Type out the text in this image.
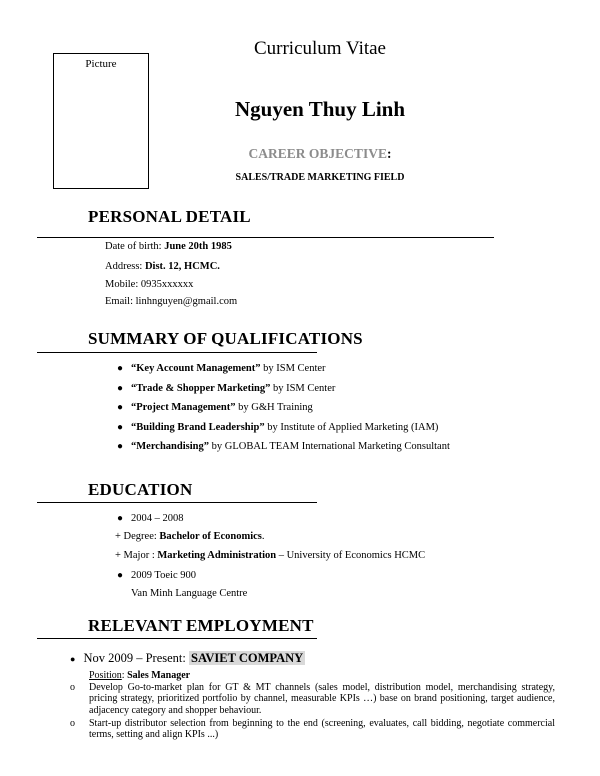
Picture
Curriculum Vitae
Nguyen Thuy Linh
CAREER OBJECTIVE:
SALES/TRADE MARKETING FIELD
PERSONAL DETAIL
Date of birth: June 20th 1985
Address: Dist. 12, HCMC.
Mobile: 0935xxxxxx
Email: linhnguyen@gmail.com
SUMMARY OF QUALIFICATIONS
● “Key Account Management” by ISM Center
● “Trade & Shopper Marketing” by ISM Center
● “Project Management” by G&H Training
● “Building Brand Leadership” by Institute of Applied Marketing (IAM)
● “Merchandising” by GLOBAL TEAM International Marketing Consultant
EDUCATION
● 2004 – 2008
+ Degree: Bachelor of Economics.
+ Major : Marketing Administration – University of Economics HCMC
● 2009 Toeic 900
Van Minh Language Centre
RELEVANT EMPLOYMENT
● Nov 2009 – Present: SAVIET COMPANY
Position: Sales Manager
o Develop Go-to-market plan for GT & MT channels (sales model, distribution model, merchandising strategy, pricing strategy, prioritized portfolio by channel, measurable KPIs …) base on brand positioning, target audience, adjacency category and shopper behaviour.
o Start-up distributor selection from beginning to the end (screening, evaluates, call bidding, negotiate commercial terms, setting and align KPIs ...)
